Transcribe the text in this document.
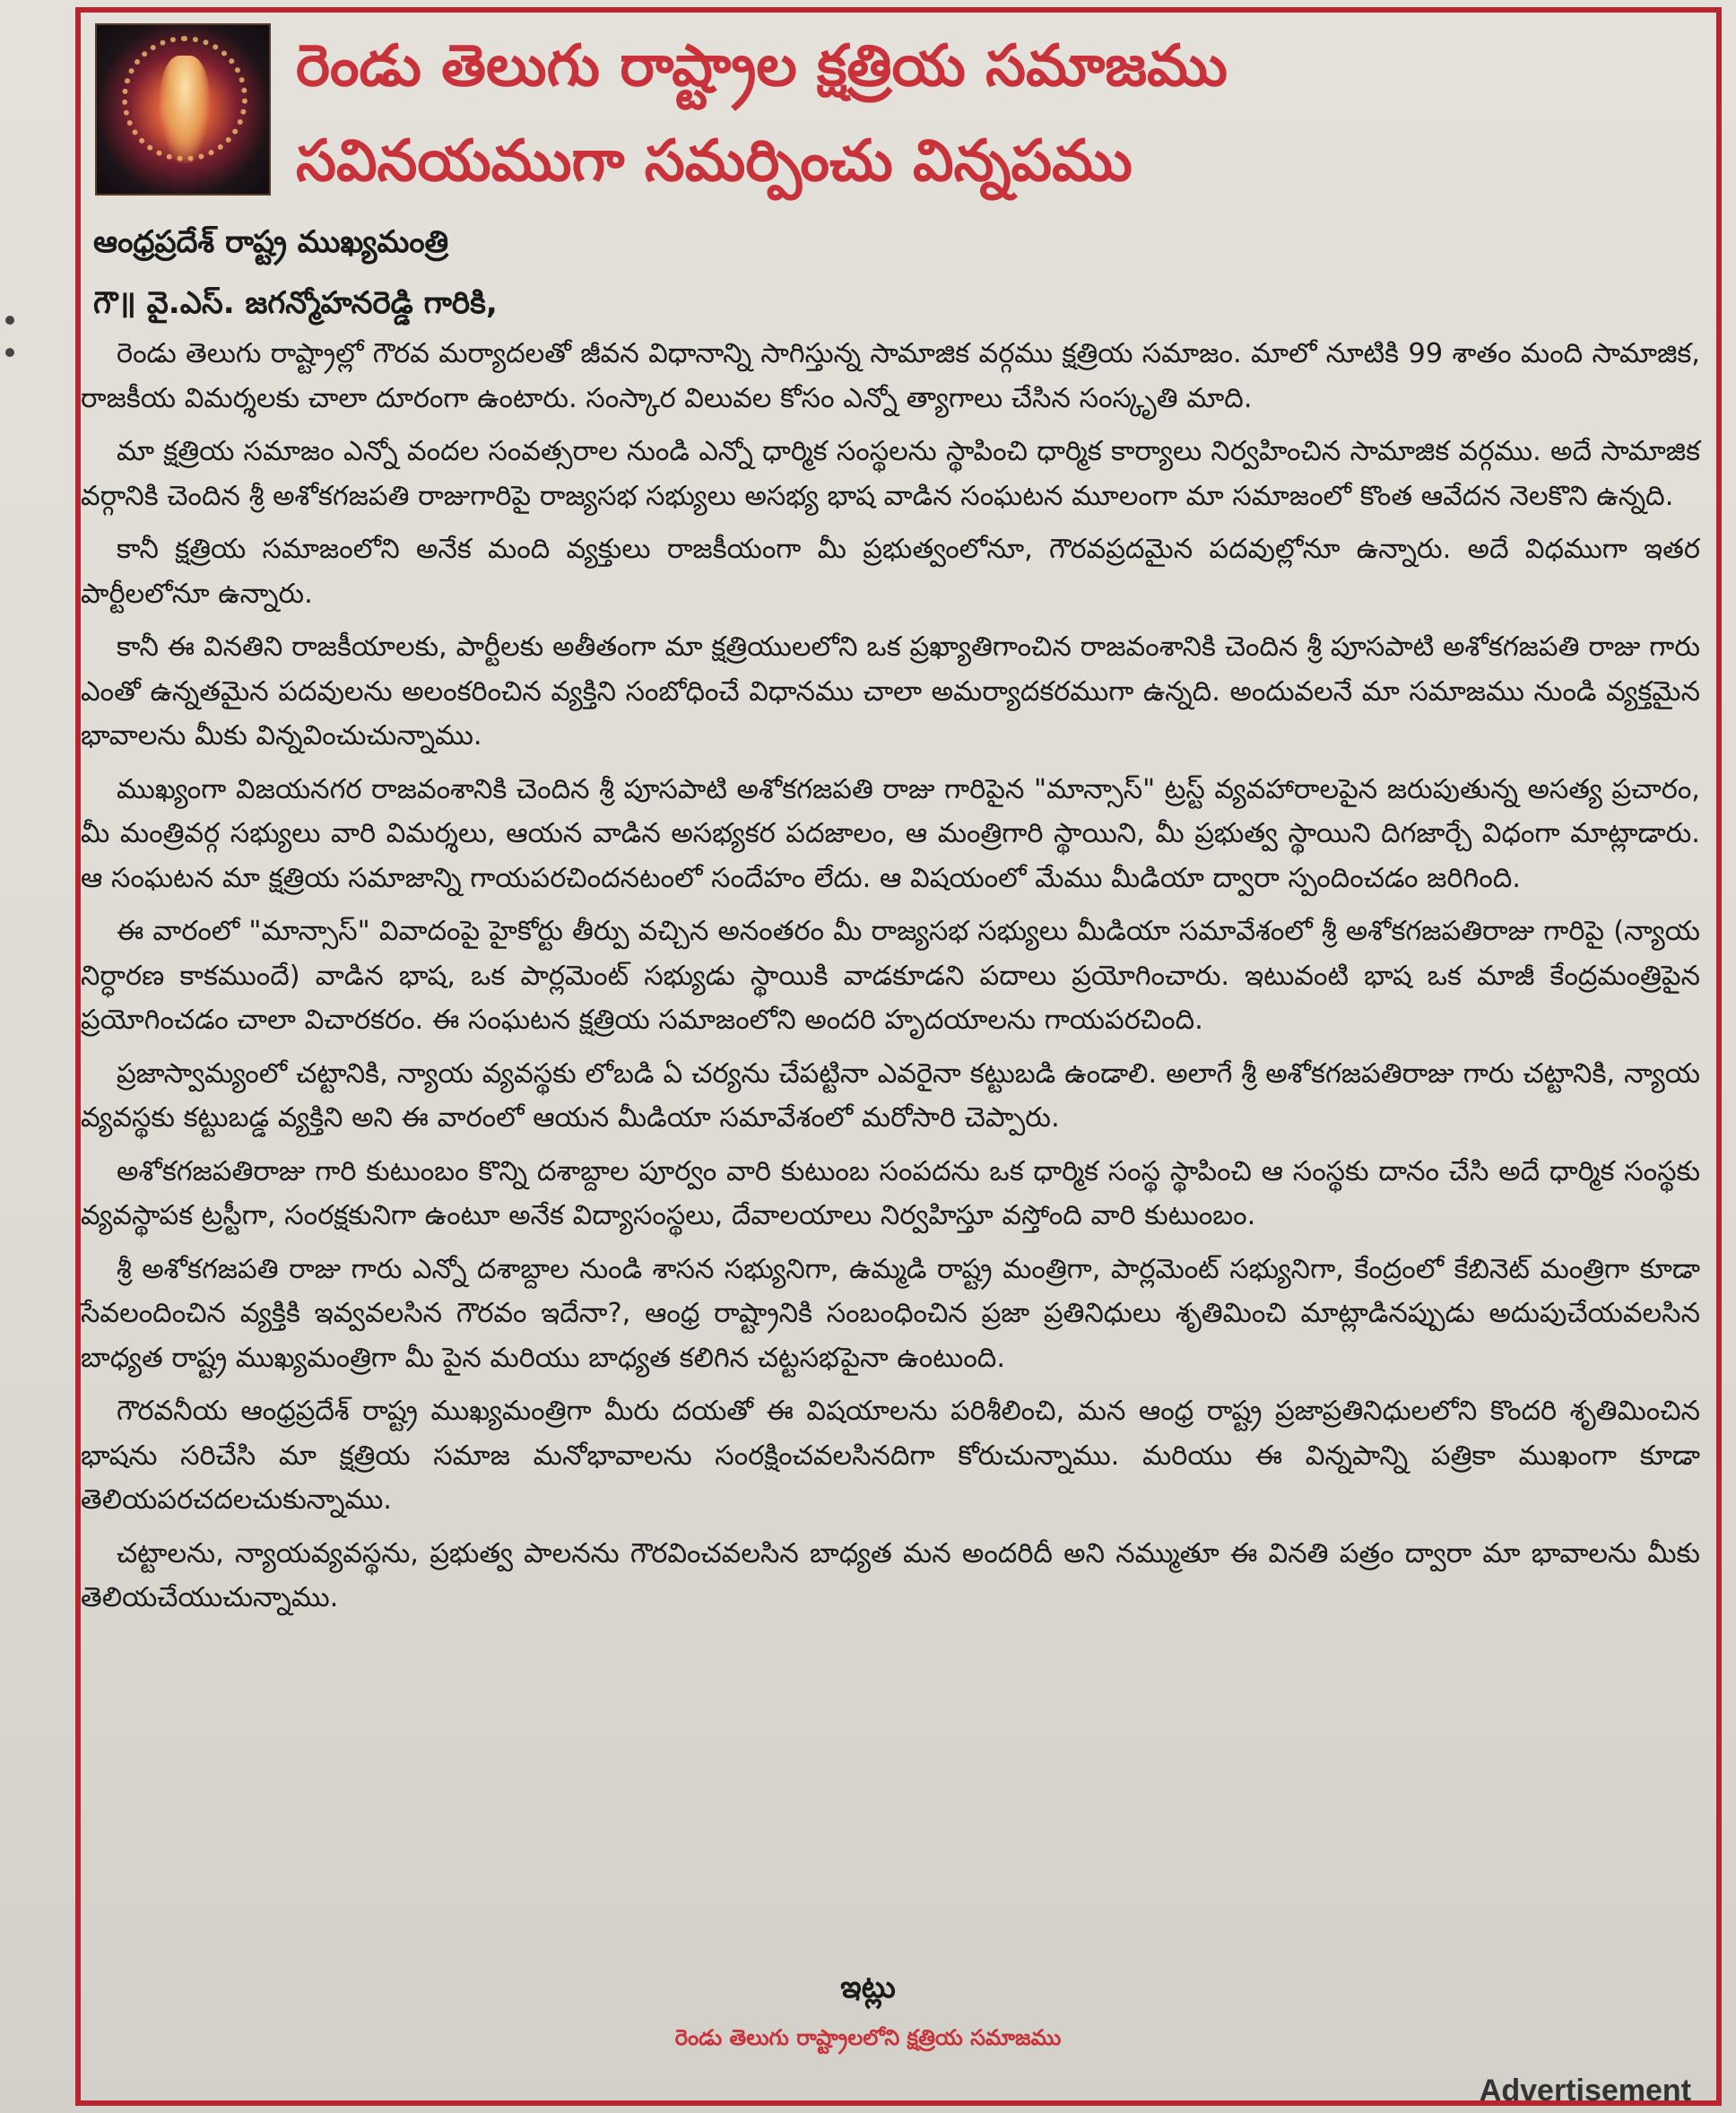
రెండు తెలుగు రాష్ట్రాల క్షత్రియ సమాజము
సవినయముగా సమర్పించు విన్నపము

ఆంధ్రప్రదేశ్ రాష్ట్ర ముఖ్యమంత్రి

గౌ॥ వై.ఎస్. జగన్మోహనరెడ్డి గారికి,

రెండు తెలుగు రాష్ట్రాల్లో గౌరవ మర్యాదలతో జీవన విధానాన్ని సాగిస్తున్న సామాజిక వర్గము క్షత్రియ సమాజం. మాలో నూటికి 99 శాతం మంది సామాజిక, రాజకీయ విమర్శలకు చాలా దూరంగా ఉంటారు. సంస్కార విలువల కోసం ఎన్నో త్యాగాలు చేసిన సంస్కృతి మాది.

మా క్షత్రియ సమాజం ఎన్నో వందల సంవత్సరాల నుండి ఎన్నో ధార్మిక సంస్థలను స్థాపించి ధార్మిక కార్యాలు నిర్వహించిన సామాజిక వర్గము. అదే సామాజిక వర్గానికి చెందిన శ్రీ అశోకగజపతి రాజుగారిపై రాజ్యసభ సభ్యులు అసభ్య భాష వాడిన సంఘటన మూలంగా మా సమాజంలో కొంత ఆవేదన నెలకొని ఉన్నది.

కానీ క్షత్రియ సమాజంలోని అనేక మంది వ్యక్తులు రాజకీయంగా మీ ప్రభుత్వంలోనూ, గౌరవప్రదమైన పదవుల్లోనూ ఉన్నారు. అదే విధముగా ఇతర పార్టీలలోనూ ఉన్నారు.

కానీ ఈ వినతిని రాజకీయాలకు, పార్టీలకు అతీతంగా మా క్షత్రియులలోని ఒక ప్రఖ్యాతిగాంచిన రాజవంశానికి చెందిన శ్రీ పూసపాటి అశోకగజపతి రాజు గారు ఎంతో ఉన్నతమైన పదవులను అలంకరించిన వ్యక్తిని సంబోధించే విధానము చాలా అమర్యాదకరముగా ఉన్నది. అందువలనే మా సమాజము నుండి వ్యక్తమైన భావాలను మీకు విన్నవించుచున్నాము.

ముఖ్యంగా విజయనగర రాజవంశానికి చెందిన శ్రీ పూసపాటి అశోకగజపతి రాజు గారిపైన "మాన్సాస్" ట్రస్ట్ వ్యవహారాలపైన జరుపుతున్న అసత్య ప్రచారం, మీ మంత్రివర్గ సభ్యులు వారి విమర్శలు, ఆయన వాడిన అసభ్యకర పదజాలం, ఆ మంత్రిగారి స్థాయిని, మీ ప్రభుత్వ స్థాయిని దిగజార్చే విధంగా మాట్లాడారు. ఆ సంఘటన మా క్షత్రియ సమాజాన్ని గాయపరచిందనటంలో సందేహం లేదు. ఆ విషయంలో మేము మీడియా ద్వారా స్పందించడం జరిగింది.

ఈ వారంలో "మాన్సాస్" వివాదంపై హైకోర్టు తీర్పు వచ్చిన అనంతరం మీ రాజ్యసభ సభ్యులు మీడియా సమావేశంలో శ్రీ అశోకగజపతిరాజు గారిపై (న్యాయ నిర్ధారణ కాకముందే) వాడిన భాష, ఒక పార్లమెంట్ సభ్యుడు స్థాయికి వాడకూడని పదాలు ప్రయోగించారు. ఇటువంటి భాష ఒక మాజీ కేంద్రమంత్రిపైన ప్రయోగించడం చాలా విచారకరం. ఈ సంఘటన క్షత్రియ సమాజంలోని అందరి హృదయాలను గాయపరచింది.

ప్రజాస్వామ్యంలో చట్టానికి, న్యాయ వ్యవస్థకు లోబడి ఏ చర్యను చేపట్టినా ఎవరైనా కట్టుబడి ఉండాలి. అలాగే శ్రీ అశోకగజపతిరాజు గారు చట్టానికి, న్యాయ వ్యవస్థకు కట్టుబడ్డ వ్యక్తిని అని ఈ వారంలో ఆయన మీడియా సమావేశంలో మరోసారి చెప్పారు.

అశోకగజపతిరాజు గారి కుటుంబం కొన్ని దశాబ్దాల పూర్వం వారి కుటుంబ సంపదను ఒక ధార్మిక సంస్థ స్థాపించి ఆ సంస్థకు దానం చేసి అదే ధార్మిక సంస్థకు వ్యవస్థాపక ట్రస్టీగా, సంరక్షకునిగా ఉంటూ అనేక విద్యాసంస్థలు, దేవాలయాలు నిర్వహిస్తూ వస్తోంది వారి కుటుంబం.

శ్రీ అశోకగజపతి రాజు గారు ఎన్నో దశాబ్దాల నుండి శాసన సభ్యునిగా, ఉమ్మడి రాష్ట్ర మంత్రిగా, పార్లమెంట్ సభ్యునిగా, కేంద్రంలో కేబినెట్ మంత్రిగా కూడా సేవలందించిన వ్యక్తికి ఇవ్వవలసిన గౌరవం ఇదేనా?, ఆంధ్ర రాష్ట్రానికి సంబంధించిన ప్రజా ప్రతినిధులు శృతిమించి మాట్లాడినప్పుడు అదుపుచేయవలసిన బాధ్యత రాష్ట్ర ముఖ్యమంత్రిగా మీ పైన మరియు బాధ్యత కలిగిన చట్టసభపైనా ఉంటుంది.

గౌరవనీయ ఆంధ్రప్రదేశ్ రాష్ట్ర ముఖ్యమంత్రిగా మీరు దయతో ఈ విషయాలను పరిశీలించి, మన ఆంధ్ర రాష్ట్ర ప్రజాప్రతినిధులలోని కొందరి శృతిమించిన భాషను సరిచేసి మా క్షత్రియ సమాజ మనోభావాలను సంరక్షించవలసినదిగా కోరుచున్నాము. మరియు ఈ విన్నపాన్ని పత్రికా ముఖంగా కూడా తెలియపరచదలచుకున్నాము.

చట్టాలను, న్యాయవ్యవస్థను, ప్రభుత్వ పాలనను గౌరవించవలసిన బాధ్యత మన అందరిదీ అని నమ్ముతూ ఈ వినతి పత్రం ద్వారా మా భావాలను మీకు తెలియచేయుచున్నాము.

ఇట్లు

రెండు తెలుగు రాష్ట్రాలలోని క్షత్రియ సమాజము

Advertisement
